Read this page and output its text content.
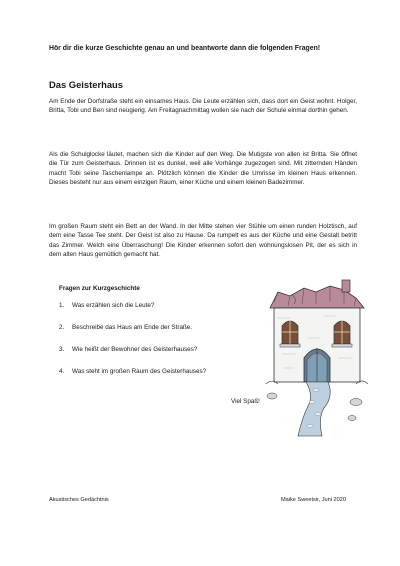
Hör dir die kurze Geschichte genau an und beantworte dann die folgenden Fragen!
Das Geisterhaus

Am Ende der Dorfstraße steht ein einsames Haus. Die Leute erzählen sich, dass dort ein Geist wohnt. Holger, Britta, Tobi und Ben sind neugierig. Am Freitagnachmittag wollen sie nach der Schule einmal dorthin gehen.

Als die Schulglocke läutet, machen sich die Kinder auf den Weg. Die Mutigste von allen ist Britta. Sie öffnet die Tür zum Geisterhaus. Drinnen ist es dunkel, weil alle Vorhänge zugezogen sind. Mit zitternden Händen macht Tobi seine Taschenlampe an. Plötzlich können die Kinder die Umrisse im kleinen Haus erkennen. Dieses besteht nur aus einem einzigen Raum, einer Küche und einem kleinen Badezimmer.

Im großen Raum steht ein Bett an der Wand. In der Mitte stehen vier Stühle um einen runden Holztisch, auf dem eine Tasse Tee steht. Der Geist ist also zu Hause. Da rumpelt es aus der Küche und eine Gestalt betritt das Zimmer. Welch eine Überraschung! Die Kinder erkennen sofort den wohnungslosen Pit, der es sich in dem alten Haus gemütlich gemacht hat.

Fragen zur Kurzgeschichte
1.	Was erzählen sich die Leute?
2.	Beschreibe das Haus am Ende der Straße.
3.	Wie heißt der Bewohner des Geisterhauses?
4.	Was steht im großen Raum des Geisterhauses?
Viel Spaß!
Akustisches Gedächtnis	Maike Sweetsir, Juni 2020
